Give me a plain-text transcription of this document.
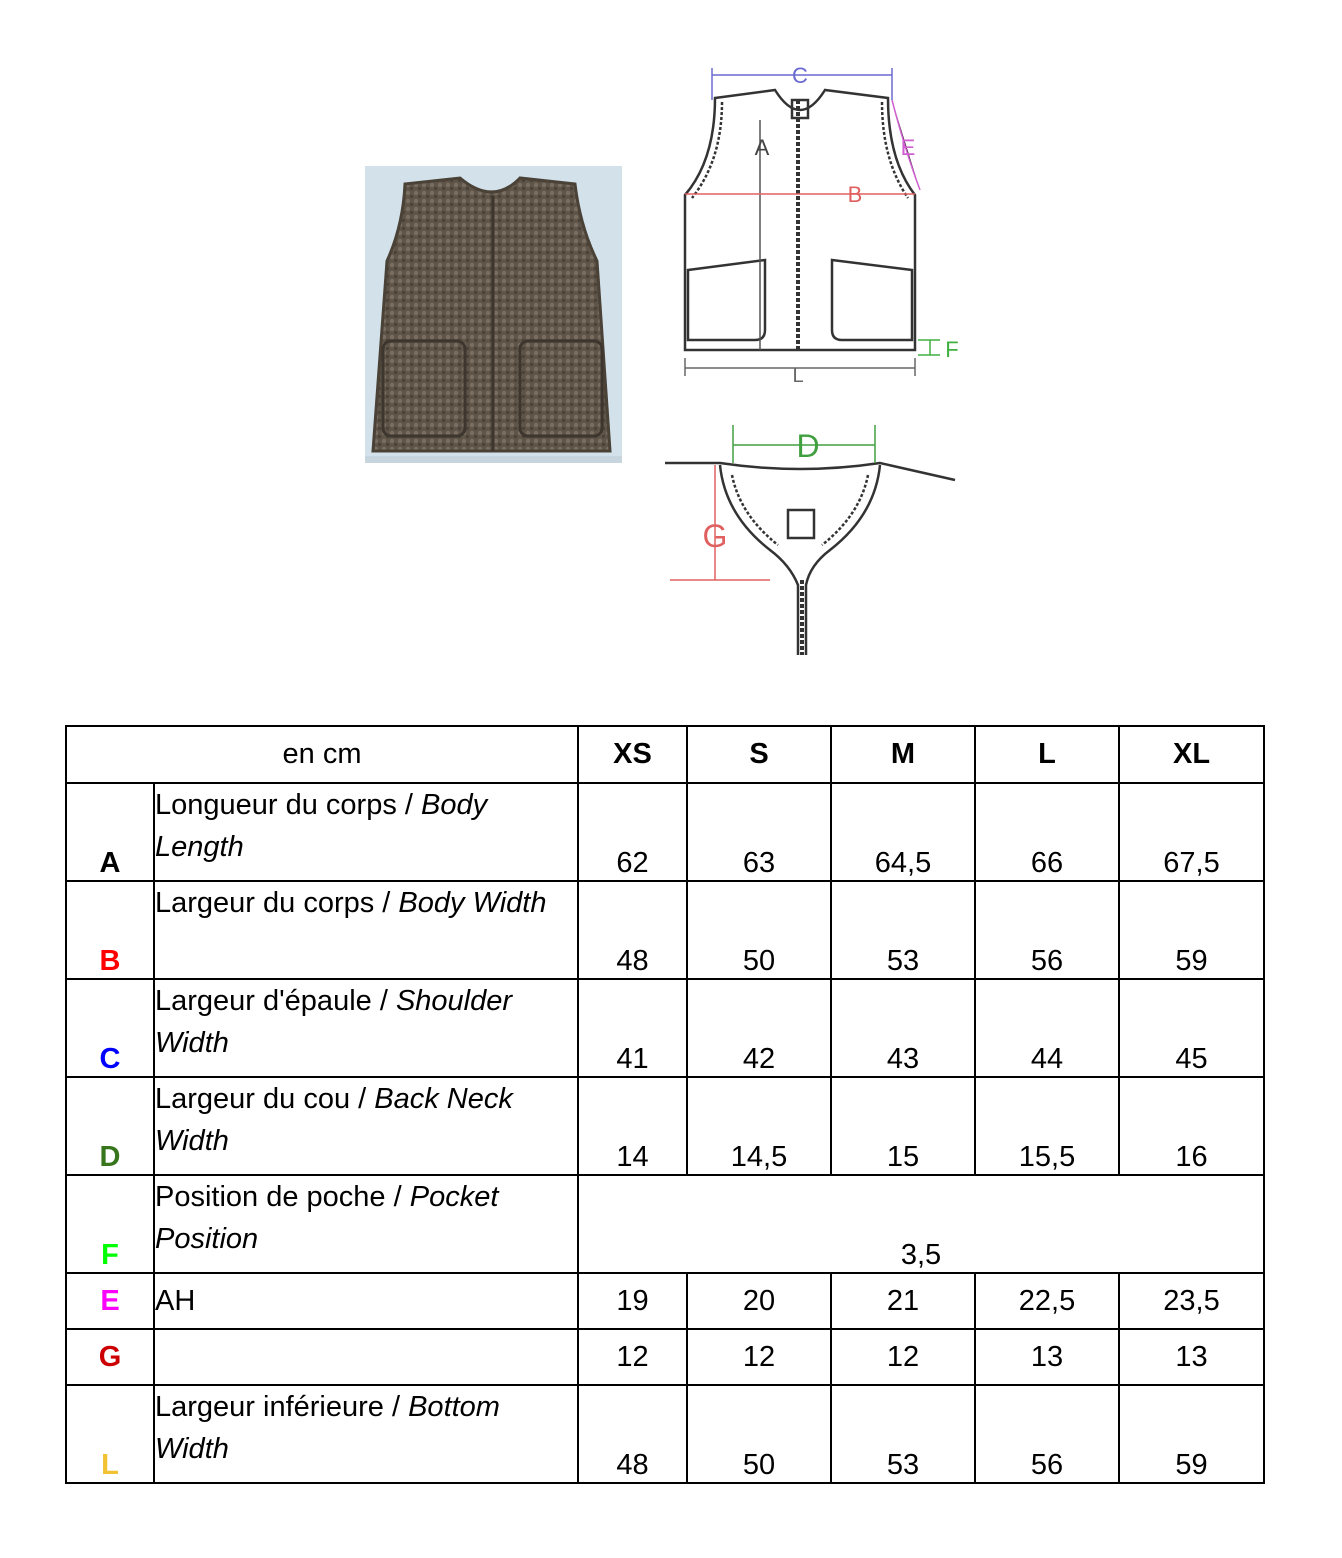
C
A
B
E
F
L
D
G
en cm		XS	S	M	L	XL
A	Longueur du corps / Body Length	62	63	64,5	66	67,5
B	Largeur du corps / Body Width	48	50	53	56	59
C	Largeur d'épaule / Shoulder Width	41	42	43	44	45
D	Largeur du cou / Back Neck Width	14	14,5	15	15,5	16
F	Position de poche / Pocket Position	3,5				
E	AH	19	20	21	22,5	23,5
G		12	12	12	13	13
L	Largeur inférieure / Bottom Width	48	50	53	56	59
